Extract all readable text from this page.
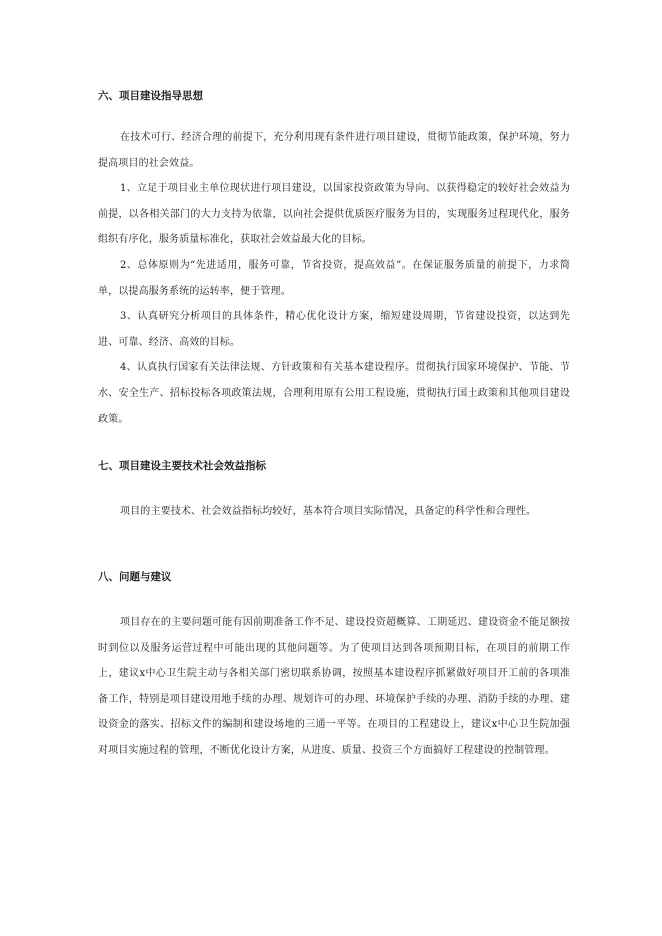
六、项目建设指导思想

在技术可行、经济合理的前提下，充分利用现有条件进行项目建设，贯彻节能政策，保护环境，努力提高项目的社会效益。

1、立足于项目业主单位现状进行项目建设，以国家投资政策为导向、以获得稳定的较好社会效益为前提，以各相关部门的大力支持为依靠，以向社会提供优质医疗服务为目的，实现服务过程现代化，服务组织有序化，服务质量标准化，获取社会效益最大化的目标。

2、总体原则为“先进适用，服务可靠，节省投资，提高效益”。在保证服务质量的前提下，力求简单，以提高服务系统的运转率，便于管理。

3、认真研究分析项目的具体条件，精心优化设计方案，缩短建设周期，节省建设投资，以达到先进、可靠、经济、高效的目标。

4、认真执行国家有关法律法规、方针政策和有关基本建设程序。贯彻执行国家环境保护、节能、节水、安全生产、招标投标各项政策法规，合理利用原有公用工程设施，贯彻执行国土政策和其他项目建设政策。

七、项目建设主要技术社会效益指标

项目的主要技术、社会效益指标均较好，基本符合项目实际情况，具备定的科学性和合理性。

八、问题与建议

项目存在的主要问题可能有因前期准备工作不足、建设投资超概算、工期延迟、建设资金不能足额按时到位以及服务运营过程中可能出现的其他问题等。为了使项目达到各项预期目标，在项目的前期工作上，建议x中心卫生院主动与各相关部门密切联系协调，按照基本建设程序抓紧做好项目开工前的各项准备工作，特别是项目建设用地手续的办理、规划许可的办理、环境保护手续的办理、消防手续的办理、建设资金的落实、招标文件的编制和建设场地的三通一平等。在项目的工程建设上，建议x中心卫生院加强对项目实施过程的管理，不断优化设计方案，从进度、质量、投资三个方面搞好工程建设的控制管理。
